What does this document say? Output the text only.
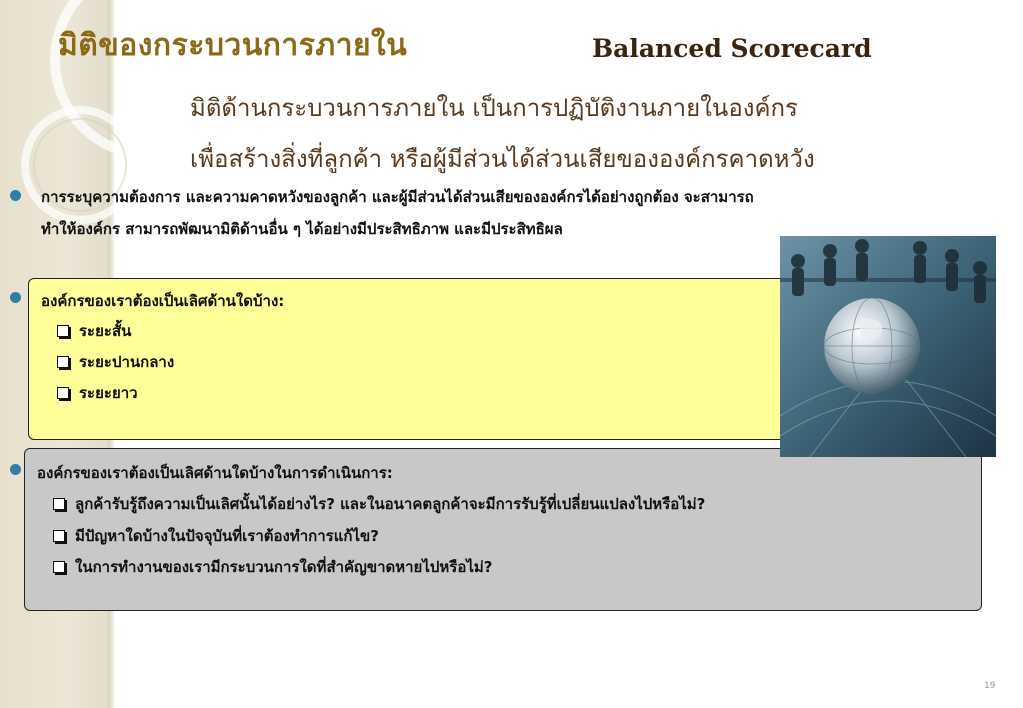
มิติของกระบวนการภายใน	Balanced Scorecard
มิติด้านกระบวนการภายใน เป็นการปฏิบัติงานภายในองค์กร
เพื่อสร้างสิ่งที่ลูกค้า หรือผู้มีส่วนได้ส่วนเสียขององค์กรคาดหวัง
การระบุความต้องการ และความคาดหวังของลูกค้า และผู้มีส่วนได้ส่วนเสียขององค์กรได้อย่างถูกต้อง จะสามารถ
ทำให้องค์กร สามารถพัฒนามิติด้านอื่น ๆ ได้อย่างมีประสิทธิภาพ และมีประสิทธิผล
องค์กรของเราต้องเป็นเลิศด้านใดบ้าง:
ระยะสั้น
ระยะปานกลาง
ระยะยาว
องค์กรของเราต้องเป็นเลิศด้านใดบ้างในการดำเนินการ:
ลูกค้ารับรู้ถึงความเป็นเลิศนั้นได้อย่างไร? และในอนาคตลูกค้าจะมีการรับรู้ที่เปลี่ยนแปลงไปหรือไม่?
มีปัญหาใดบ้างในปัจจุบันที่เราต้องทำการแก้ไข?
ในการทำงานของเรามีกระบวนการใดที่สำคัญขาดหายไปหรือไม่?
19
